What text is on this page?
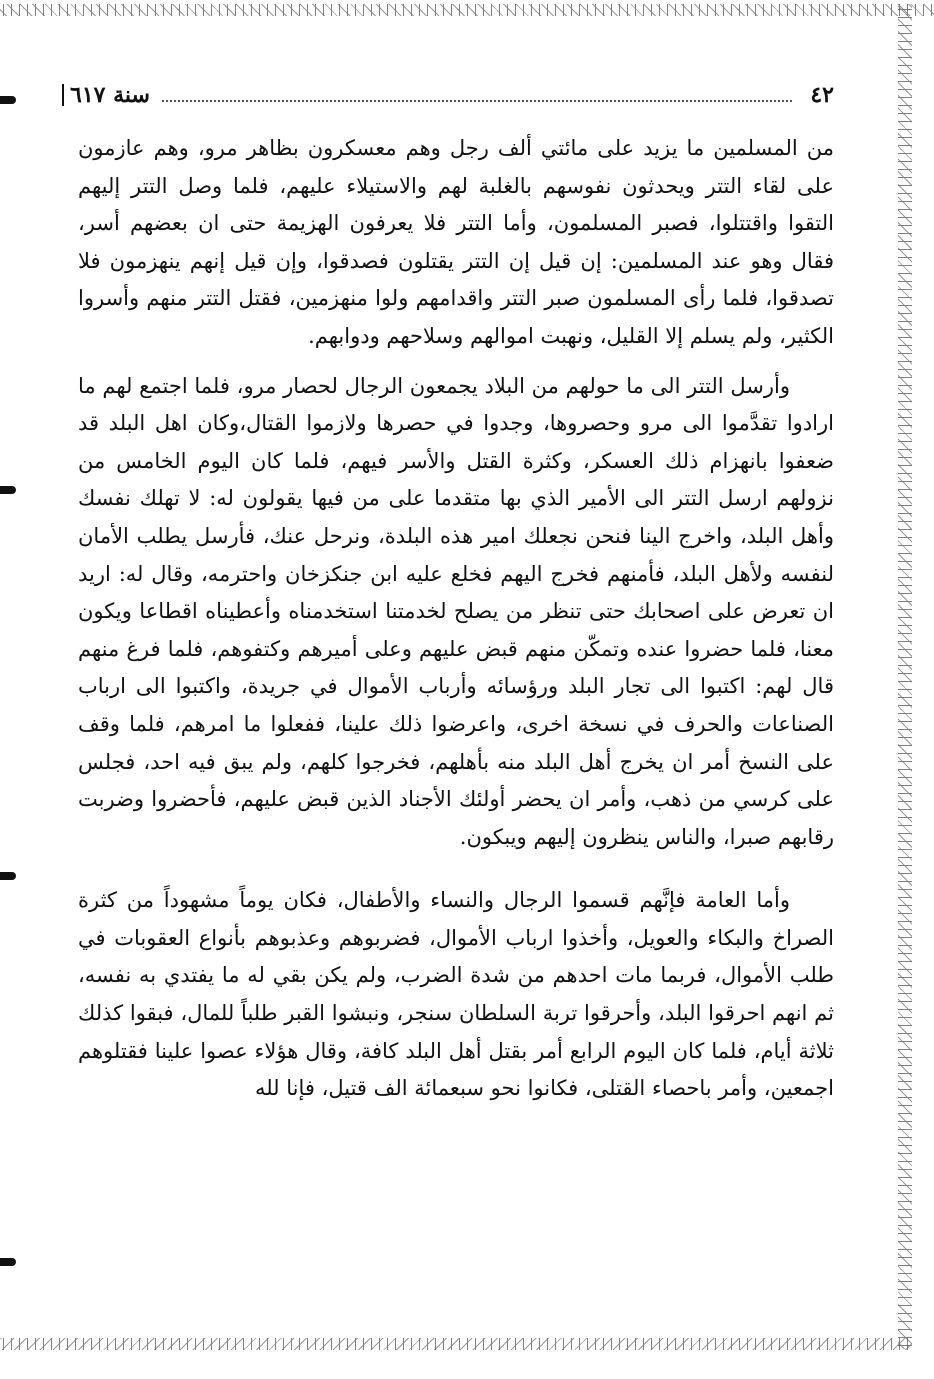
٤٢
سنة ٦١٧

من المسلمين ما يزيد على مائتي ألف رجل وهم معسكرون بظاهر مرو، وهم عازمون على لقاء التتر ويحدثون نفوسهم بالغلبة لهم والاستيلاء عليهم، فلما وصل التتر إليهم التقوا واقتتلوا، فصبر المسلمون، وأما التتر فلا يعرفون الهزيمة حتى ان بعضهم أسر، فقال وهو عند المسلمين: إن قيل إن التتر يقتلون فصدقوا، وإن قيل إنهم ينهزمون فلا تصدقوا، فلما رأى المسلمون صبر التتر واقدامهم ولوا منهزمين، فقتل التتر منهم وأسروا الكثير، ولم يسلم إلا القليل، ونهبت اموالهم وسلاحهم ودوابهم.

وأرسل التتر الى ما حولهم من البلاد يجمعون الرجال لحصار مرو، فلما اجتمع لهم ما ارادوا تقدَّموا الى مرو وحصروها، وجدوا في حصرها ولازموا القتال،وكان اهل البلد قد ضعفوا بانهزام ذلك العسكر، وكثرة القتل والأسر فيهم، فلما كان اليوم الخامس من نزولهم ارسل التتر الى الأمير الذي بها متقدما على من فيها يقولون له: لا تهلك نفسك وأهل البلد، واخرج الينا فنحن نجعلك امير هذه البلدة، ونرحل عنك، فأرسل يطلب الأمان لنفسه ولأهل البلد، فأمنهم فخرج اليهم فخلع عليه ابن جنكزخان واحترمه، وقال له: اريد ان تعرض على اصحابك حتى تنظر من يصلح لخدمتنا استخدمناه وأعطيناه اقطاعا ويكون معنا، فلما حضروا عنده وتمكّن منهم قبض عليهم وعلى أميرهم وكتفوهم، فلما فرغ منهم قال لهم: اكتبوا الى تجار البلد ورؤسائه وأرباب الأموال في جريدة، واكتبوا الى ارباب الصناعات والحرف في نسخة اخرى، واعرضوا ذلك علينا، ففعلوا ما امرهم، فلما وقف على النسخ أمر ان يخرج أهل البلد منه بأهلهم، فخرجوا كلهم، ولم يبق فيه احد، فجلس على كرسي من ذهب، وأمر ان يحضر أولئك الأجناد الذين قبض عليهم، فأحضروا وضربت رقابهم صبرا، والناس ينظرون إليهم ويبكون.

وأما العامة فإنَّهم قسموا الرجال والنساء والأطفال، فكان يوماً مشهوداً من كثرة الصراخ والبكاء والعويل، وأخذوا ارباب الأموال، فضربوهم وعذبوهم بأنواع العقوبات في طلب الأموال، فربما مات احدهم من شدة الضرب، ولم يكن بقي له ما يفتدي به نفسه، ثم انهم احرقوا البلد، وأحرقوا تربة السلطان سنجر، ونبشوا القبر طلباً للمال، فبقوا كذلك ثلاثة أيام، فلما كان اليوم الرابع أمر بقتل أهل البلد كافة، وقال هؤلاء عصوا علينا فقتلوهم اجمعين، وأمر باحصاء القتلى، فكانوا نحو سبعمائة الف قتيل، فإنا لله
